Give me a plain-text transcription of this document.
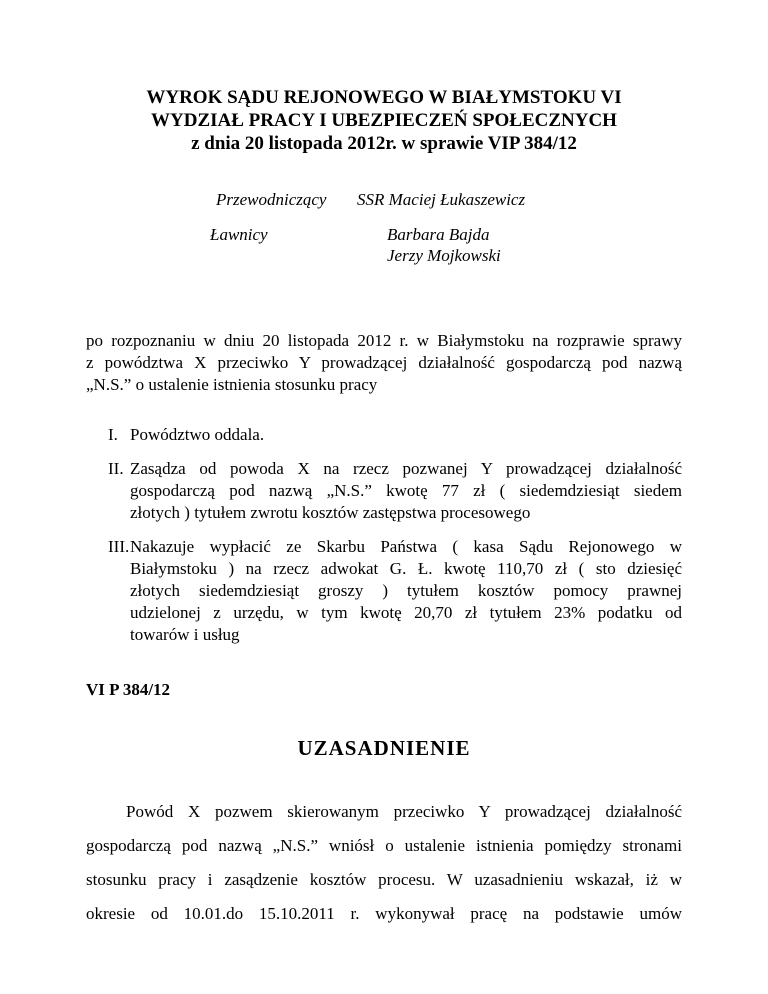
WYROK SĄDU REJONOWEGO W BIAŁYMSTOKU VI
WYDZIAŁ PRACY I UBEZPIECZEŃ SPOŁECZNYCH
z dnia 20 listopada 2012r. w sprawie VIP 384/12
Przewodniczący SSR Maciej Łukaszewicz
Ławnicy	Barbara Bajda
Jerzy Mojkowski
po rozpoznaniu w dniu 20 listopada 2012 r. w Białymstoku na rozprawie sprawy
z powództwa X przeciwko Y prowadzącej działalność gospodarczą pod nazwą
„N.S.” o ustalenie istnienia stosunku pracy
I. Powództwo oddala.
II. Zasądza od powoda X na rzecz pozwanej Y prowadzącej działalność
gospodarczą pod nazwą „N.S.” kwotę 77 zł ( siedemdziesiąt siedem
złotych ) tytułem zwrotu kosztów zastępstwa procesowego
III. Nakazuje wypłacić ze Skarbu Państwa ( kasa Sądu Rejonowego w
Białymstoku ) na rzecz adwokat G. Ł. kwotę 110,70 zł ( sto dziesięć
złotych siedemdziesiąt groszy ) tytułem kosztów pomocy prawnej
udzielonej z urzędu, w tym kwotę 20,70 zł tytułem 23% podatku od
towarów i usług
VI P 384/12
UZASADNIENIE
Powód X pozwem skierowanym przeciwko Y prowadzącej działalność
gospodarczą pod nazwą „N.S.” wniósł o ustalenie istnienia pomiędzy stronami
stosunku pracy i zasądzenie kosztów procesu. W uzasadnieniu wskazał, iż w
okresie od 10.01.do 15.10.2011 r. wykonywał pracę na podstawie umów
